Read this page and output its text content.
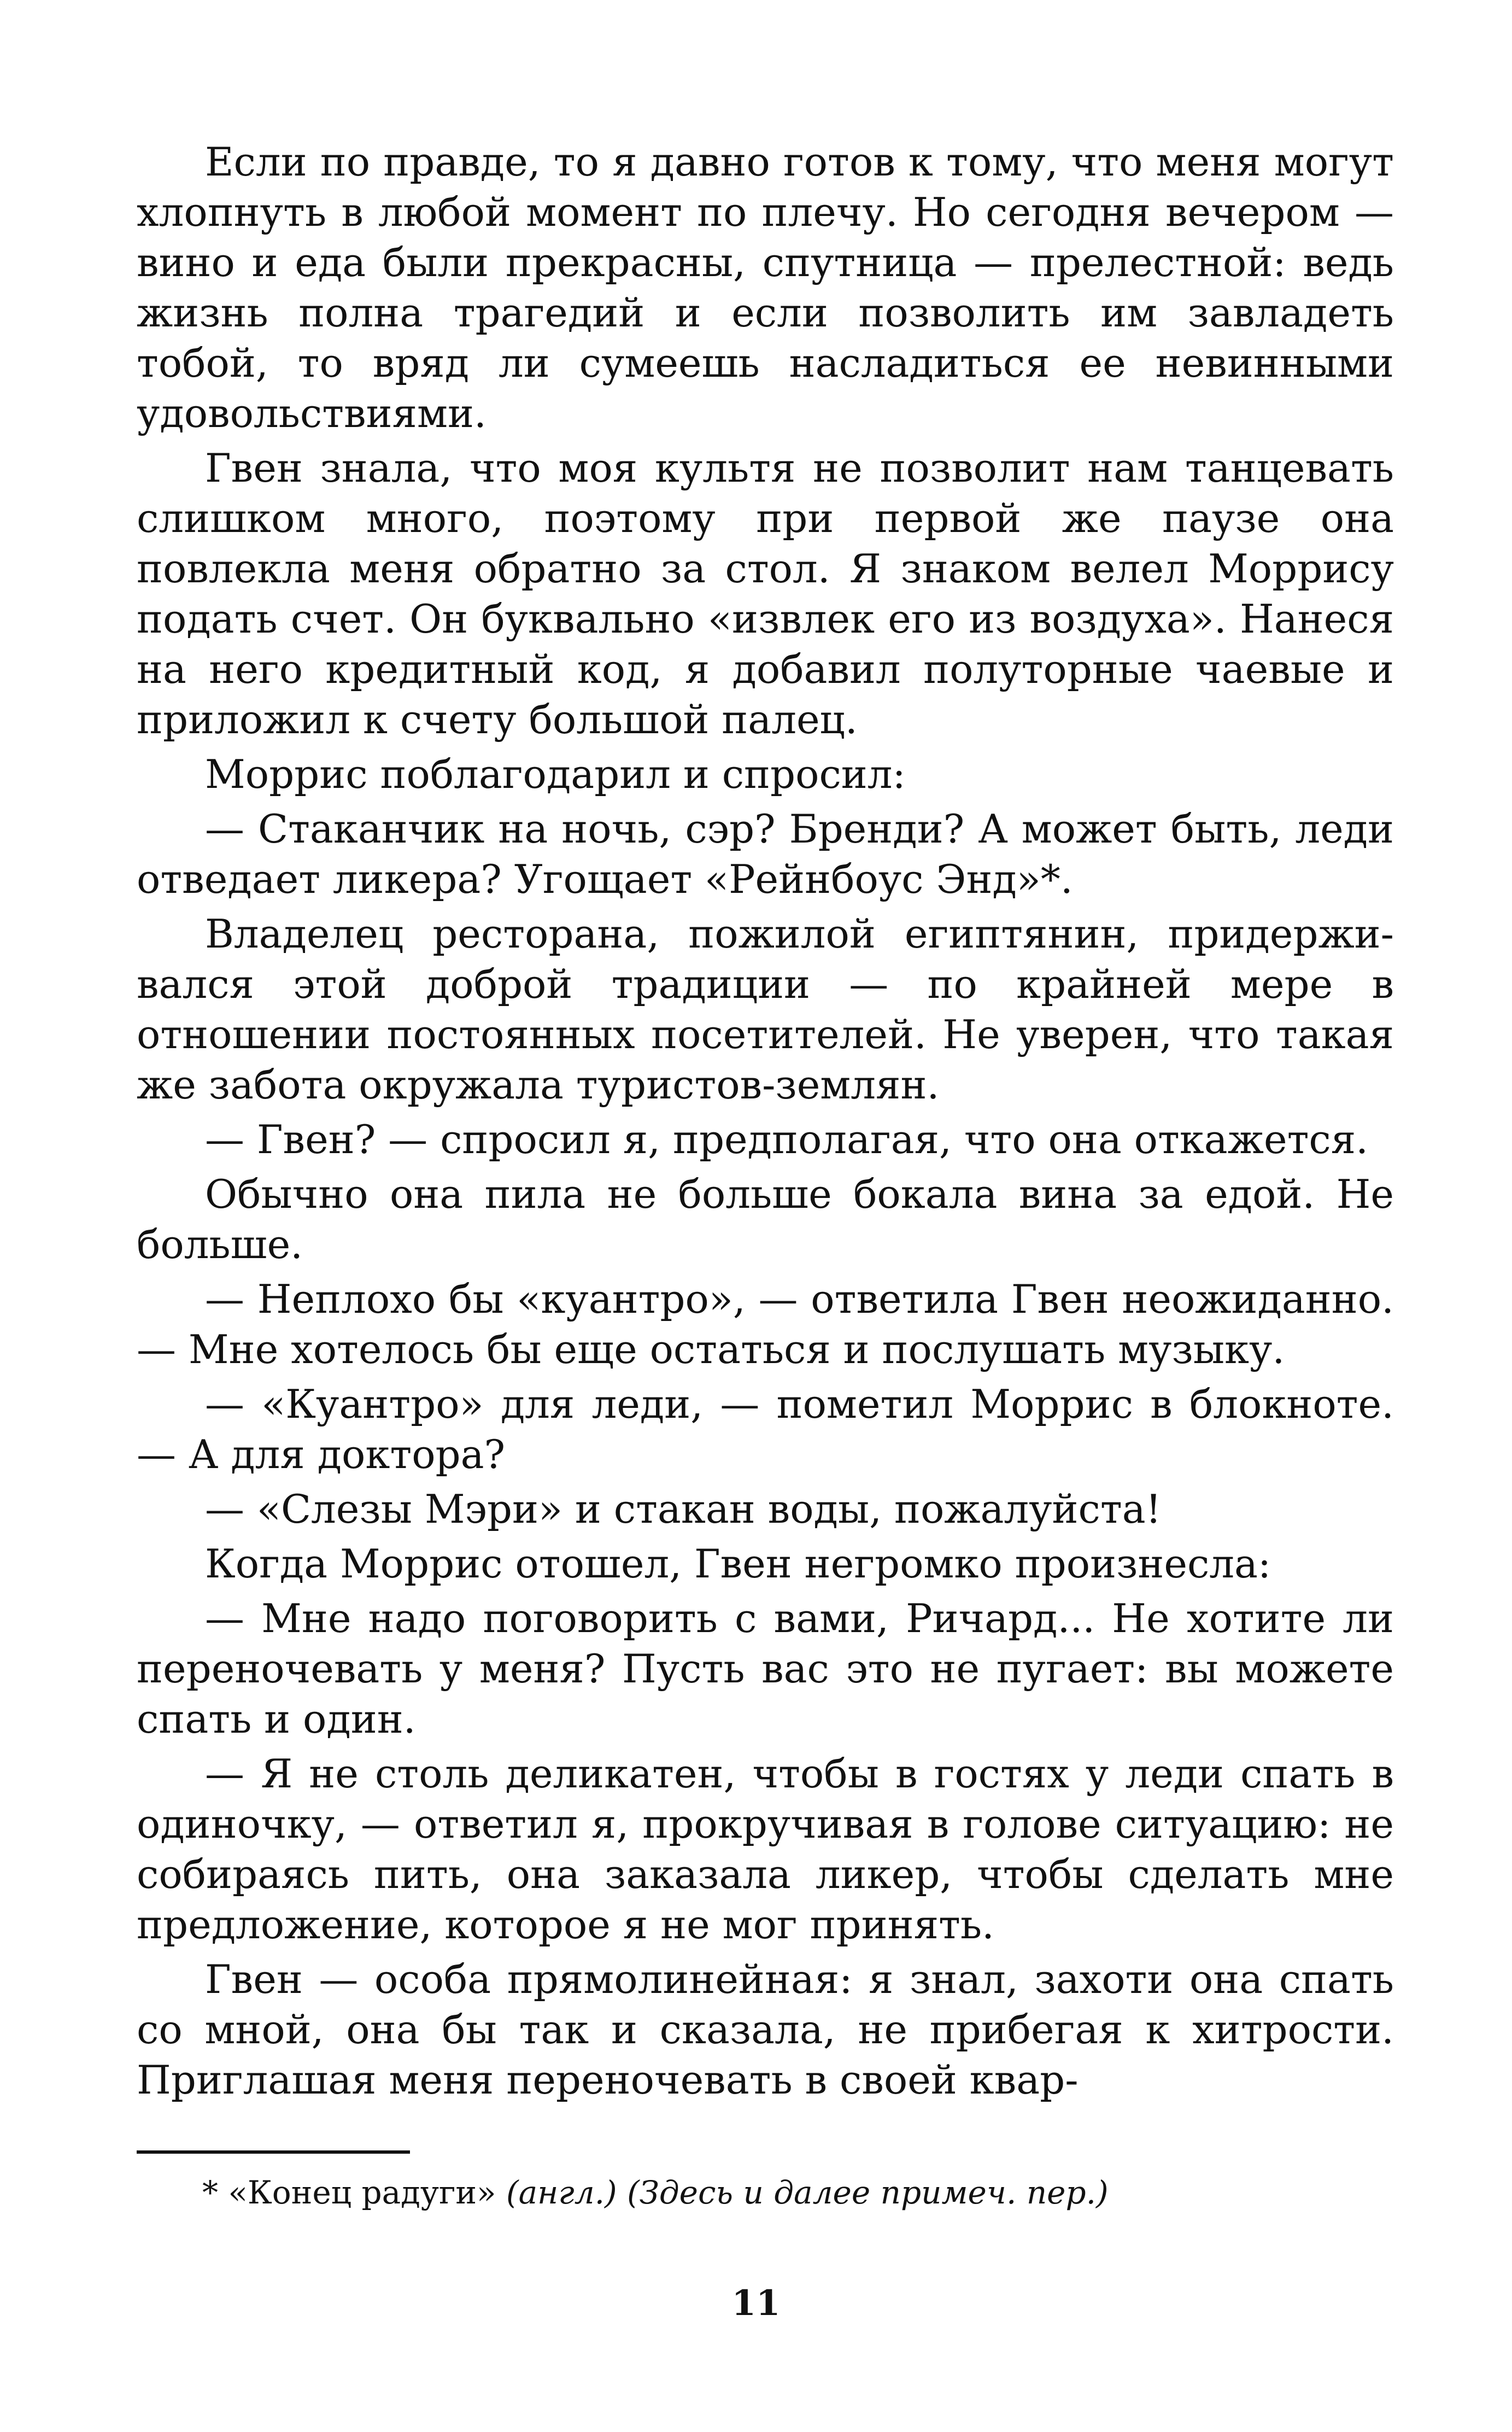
Если по правде, то я давно готов к тому, что меня могут хлопнуть в любой момент по плечу. Но сегодня вечером — вино и еда были прекрасны, спутница — прелестной: ведь жизнь полна трагедий и если позволить им завладеть тобой, то вряд ли сумеешь насладиться ее невинными удовольствиями.

Гвен знала, что моя культя не позволит нам танцевать слишком много, поэтому при первой же паузе она повлекла меня обратно за стол. Я знаком велел Моррису подать счет. Он буквально «извлек его из воздуха». Нанеся на него кредитный код, я добавил полуторные чаевые и приложил к счету большой палец.

Моррис поблагодарил и спросил:

— Стаканчик на ночь, сэр? Бренди? А может быть, леди отведает ликера? Угощает «Рейнбоус Энд»*.

Владелец ресторана, пожилой египтянин, придерживался этой доброй традиции — по крайней мере в отношении постоянных посетителей. Не уверен, что такая же забота окружала туристов-землян.

— Гвен? — спросил я, предполагая, что она откажется.

Обычно она пила не больше бокала вина за едой. Не больше.

— Неплохо бы «куантро», — ответила Гвен неожиданно. — Мне хотелось бы еще остаться и послушать музыку.

— «Куантро» для леди, — пометил Моррис в блокноте. — А для доктора?

— «Слезы Мэри» и стакан воды, пожалуйста!

Когда Моррис отошел, Гвен негромко произнесла:

— Мне надо поговорить с вами, Ричард... Не хотите ли переночевать у меня? Пусть вас это не пугает: вы можете спать и один.

— Я не столь деликатен, чтобы в гостях у леди спать в одиночку, — ответил я, прокручивая в голове ситуацию: не собираясь пить, она заказала ликер, чтобы сделать мне предложение, которое я не мог принять.

Гвен — особа прямолинейная: я знал, захоти она спать со мной, она бы так и сказала, не прибегая к хитрости. Приглашая меня переночевать в своей квар-

* «Конец радуги» (англ.) (Здесь и далее примеч. пер.)
11
